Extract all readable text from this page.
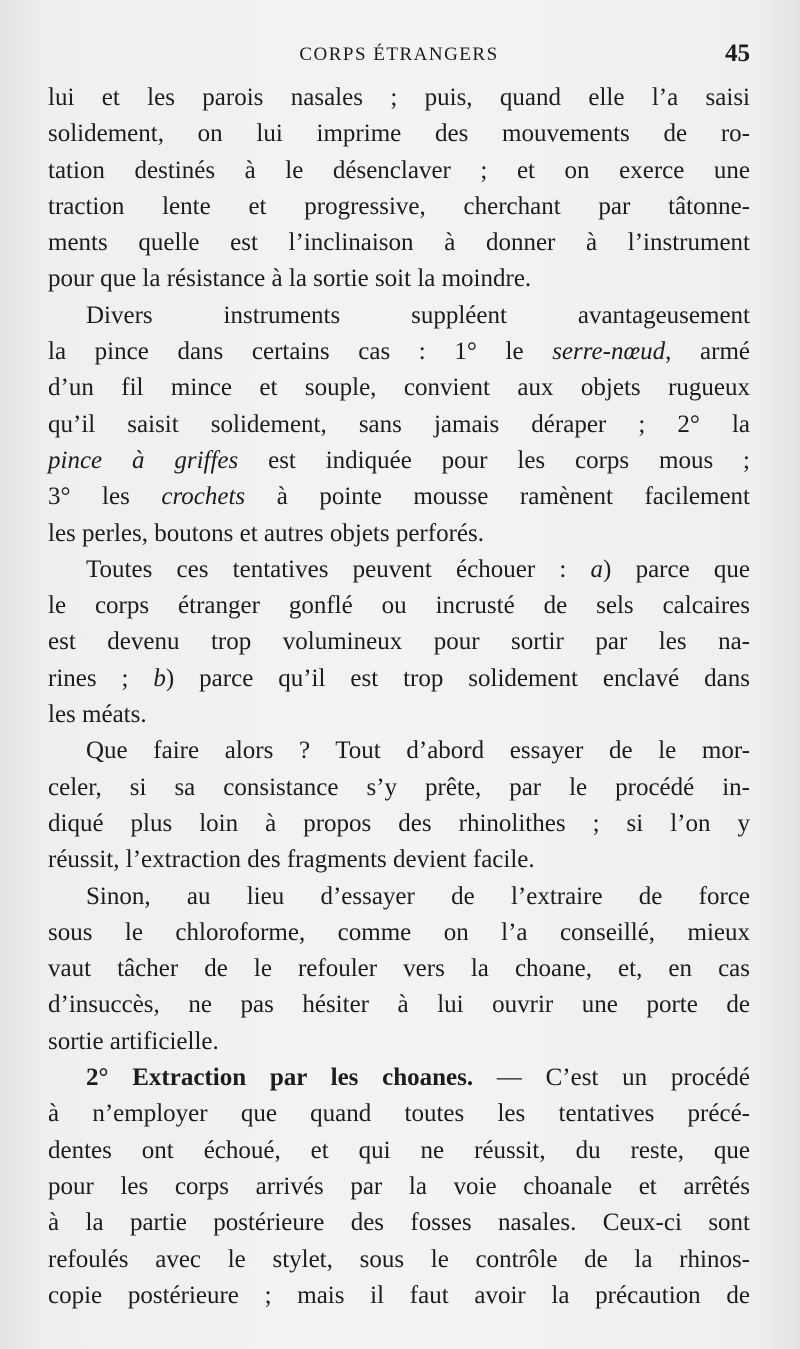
CORPS ÉTRANGERS	45
lui et les parois nasales ; puis, quand elle l’a saisi
solidement, on lui imprime des mouvements de ro-
tation destinés à le désenclaver ; et on exerce une
traction lente et progressive, cherchant par tâtonne-
ments quelle est l’inclinaison à donner à l’instrument
pour que la résistance à la sortie soit la moindre.
Divers instruments suppléent avantageusement
la pince dans certains cas : 1° le serre-nœud, armé
d’un fil mince et souple, convient aux objets rugueux
qu’il saisit solidement, sans jamais déraper ; 2° la
pince à griffes est indiquée pour les corps mous ;
3° les crochets à pointe mousse ramènent facilement
les perles, boutons et autres objets perforés.
Toutes ces tentatives peuvent échouer : a) parce que
le corps étranger gonflé ou incrusté de sels calcaires
est devenu trop volumineux pour sortir par les na-
rines ; b) parce qu’il est trop solidement enclavé dans
les méats.
Que faire alors ? Tout d’abord essayer de le mor-
celer, si sa consistance s’y prête, par le procédé in-
diqué plus loin à propos des rhinolithes ; si l’on y
réussit, l’extraction des fragments devient facile.
Sinon, au lieu d’essayer de l’extraire de force
sous le chloroforme, comme on l’a conseillé, mieux
vaut tâcher de le refouler vers la choane, et, en cas
d’insuccès, ne pas hésiter à lui ouvrir une porte de
sortie artificielle.
2° Extraction par les choanes. — C’est un procédé
à n’employer que quand toutes les tentatives précé-
dentes ont échoué, et qui ne réussit, du reste, que
pour les corps arrivés par la voie choanale et arrêtés
à la partie postérieure des fosses nasales. Ceux-ci sont
refoulés avec le stylet, sous le contrôle de la rhinos-
copie postérieure ; mais il faut avoir la précaution de
